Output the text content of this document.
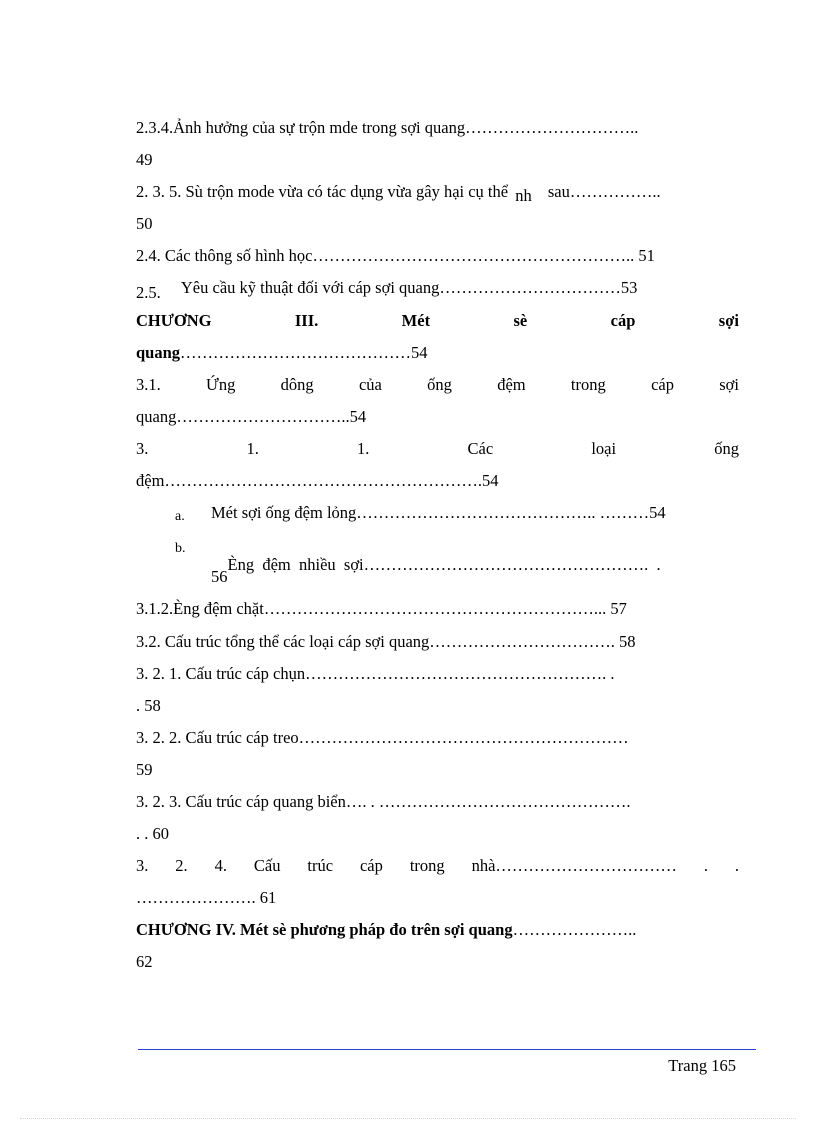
2.3.4.Ảnh hưởng của sự trộn mde trong sợi quang…………………………..
49
2. 3. 5. Sù trộn mode vừa có tác dụng vừa gây hại cụ thể nh sau……………..
50
2.4. Các thông số hình học………………………………………………….. 51
2.5. Yêu cầu kỹ thuật đối với cáp sợi quang……………………………53
CHƯƠNG	III.	Mét	sè	cáp	sợi
quang……………………………………54
3.1.	Ứng	dông	của	ống	đệm	trong	cáp	sợi
quang…………………………..54
3.	1.	1.	Các	loại	ống
đệm………………………………………………….54
a. Mét sợi ống đệm lỏng…………………………………….. ………54
b.

Èng  đệm  nhiều  sợi…………………………………………….  .

56
3.1.2.Èng đệm chặt……………………………………………………... 57
3.2. Cấu trúc tổng thể các loại cáp sợi quang……………………………. 58
3. 2. 1. Cấu trúc cáp chụn………………………………………………. .
. 58
3. 2. 2. Cấu trúc cáp treo……………………………………………………
59
3. 2. 3. Cấu trúc cáp quang biển…. . ……………………………………….
. . 60
3. 2. 4. Cấu trúc cáp trong nhà…………………………… . .
…………………. 61
CHƯƠNG IV. Mét sè phương pháp đo trên sợi quang…………………..
62
Trang 165
